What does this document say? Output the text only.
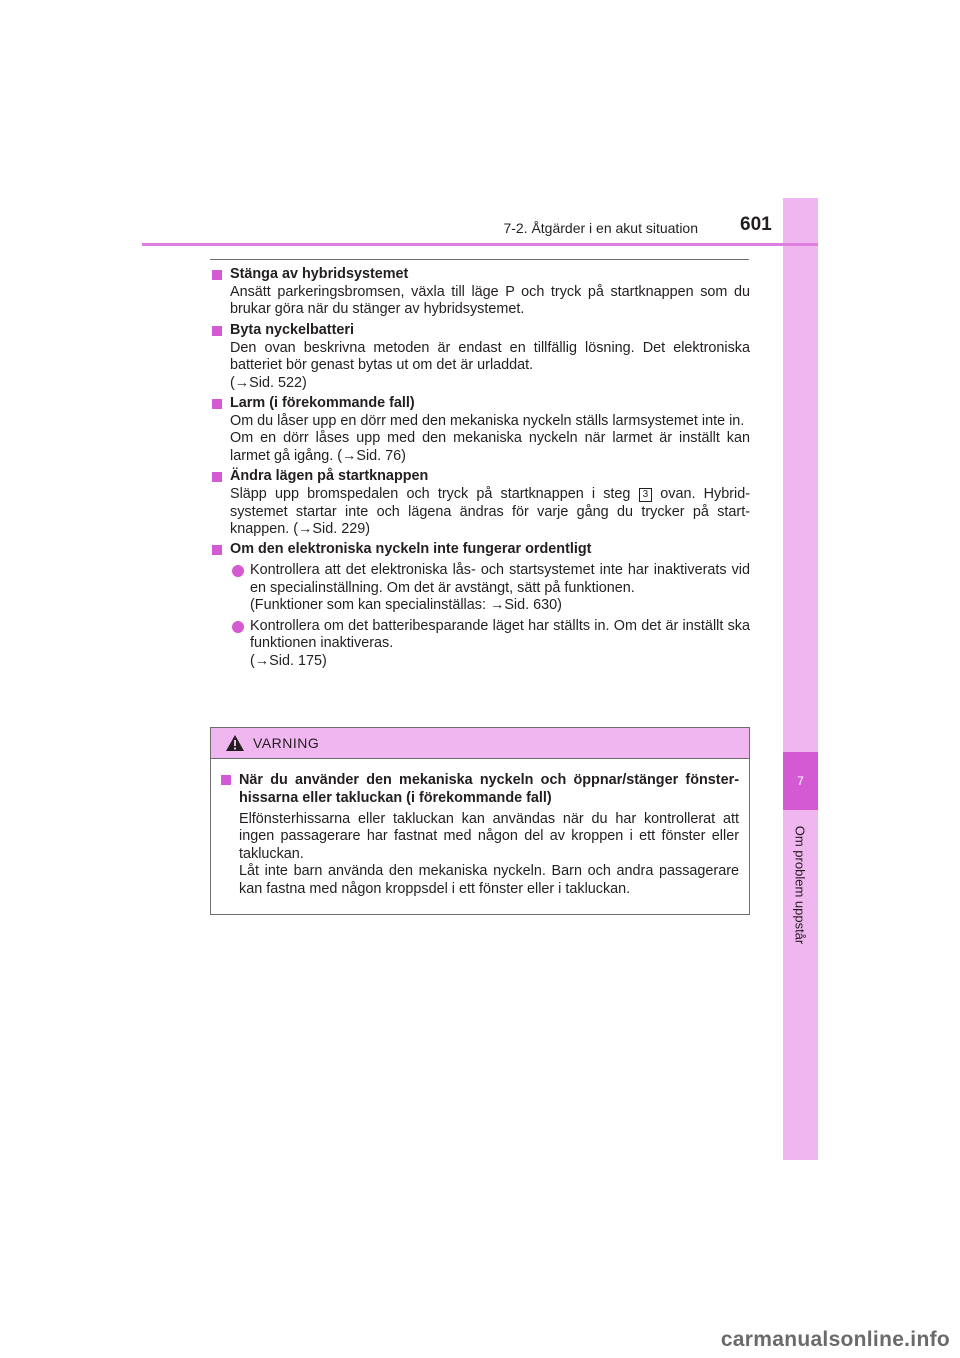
7
Om problem uppstår
7-2. Åtgärder i en akut situation 601
Stänga av hybridsystemet
Ansätt parkeringsbromsen, växla till läge P och tryck på startknappen som du brukar göra när du stänger av hybridsystemet.
Byta nyckelbatteri
Den ovan beskrivna metoden är endast en tillfällig lösning. Det elektroniska batteriet bör genast bytas ut om det är urladdat.
(→Sid. 522)
Larm (i förekommande fall)
Om du låser upp en dörr med den mekaniska nyckeln ställs larmsystemet inte in.
Om en dörr låses upp med den mekaniska nyckeln när larmet är inställt kan larmet gå igång. (→Sid. 76)
Ändra lägen på startknappen
Släpp upp bromspedalen och tryck på startknappen i steg 3 ovan. Hybrid-systemet startar inte och lägena ändras för varje gång du trycker på start-knappen. (→Sid. 229)
Om den elektroniska nyckeln inte fungerar ordentligt
Kontrollera att det elektroniska lås- och startsystemet inte har inaktiverats vid en specialinställning. Om det är avstängt, sätt på funktionen.
(Funktioner som kan specialinställas: →Sid. 630)
Kontrollera om det batteribesparande läget har ställts in. Om det är inställt ska funktionen inaktiveras.
(→Sid. 175)
VARNING
När du använder den mekaniska nyckeln och öppnar/stänger fönster-hissarna eller takluckan (i förekommande fall)
Elfönsterhissarna eller takluckan kan användas när du har kontrollerat att ingen passagerare har fastnat med någon del av kroppen i ett fönster eller takluckan.
Låt inte barn använda den mekaniska nyckeln. Barn och andra passagerare kan fastna med någon kroppsdel i ett fönster eller i takluckan.
carmanualsonline.info
